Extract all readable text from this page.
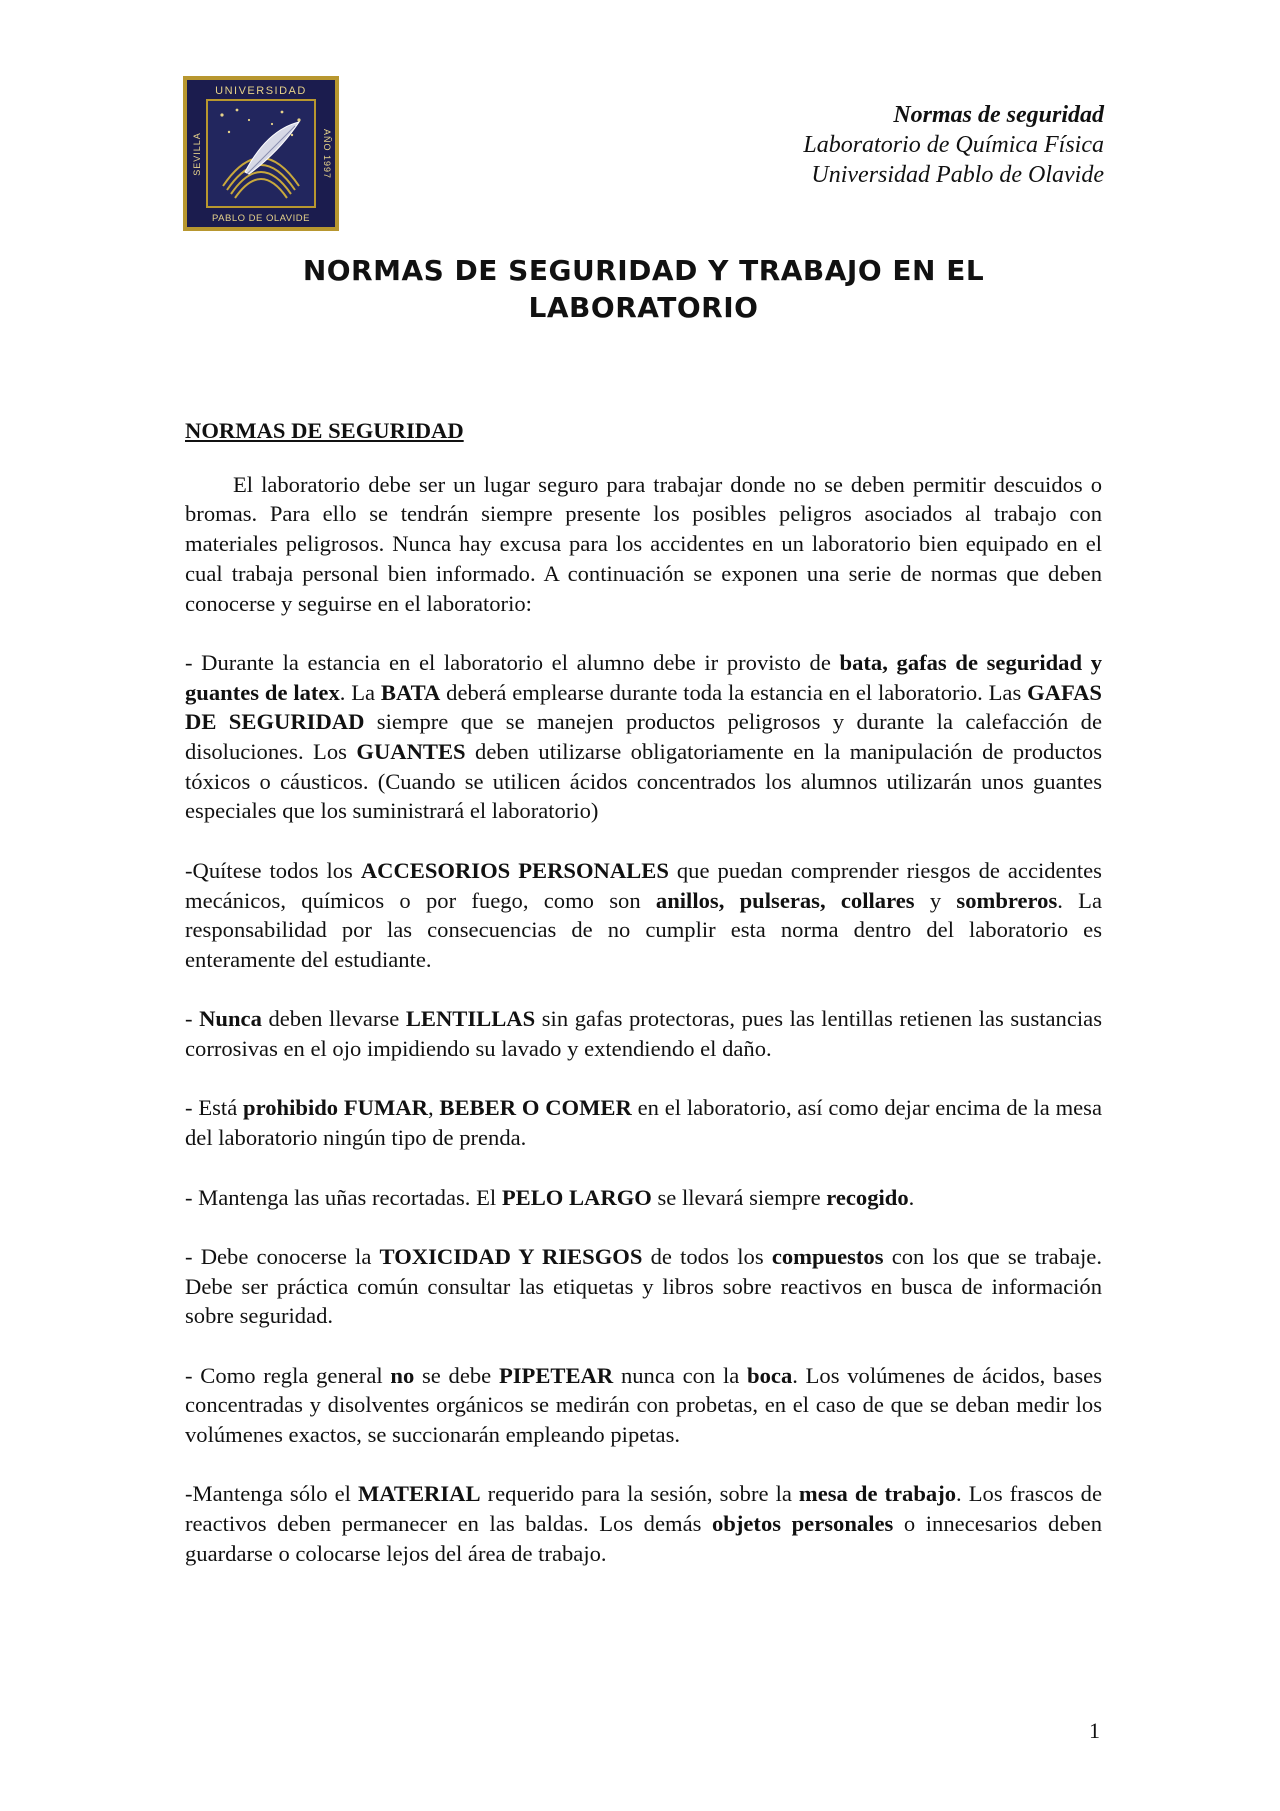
UNIVERSIDAD
PABLO DE OLAVIDE
SEVILLA	AÑO 1997
Normas de seguridad
Laboratorio de Química Física
Universidad Pablo de Olavide
NORMAS DE SEGURIDAD Y TRABAJO EN EL
LABORATORIO
NORMAS DE SEGURIDAD

El laboratorio debe ser un lugar seguro para trabajar donde no se deben permitir descuidos o bromas. Para ello se tendrán siempre presente los posibles peligros asociados al trabajo con materiales peligrosos. Nunca hay excusa para los accidentes en un laboratorio bien equipado en el cual trabaja personal bien informado. A continuación se exponen una serie de normas que deben conocerse y seguirse en el laboratorio:

- Durante la estancia en el laboratorio el alumno debe ir provisto de bata, gafas de seguridad y guantes de latex. La BATA deberá emplearse durante toda la estancia en el laboratorio. Las GAFAS DE SEGURIDAD siempre que se manejen productos peligrosos y durante la calefacción de disoluciones. Los GUANTES deben utilizarse obligatoriamente en la manipulación de productos tóxicos o cáusticos. (Cuando se utilicen ácidos concentrados los alumnos utilizarán unos guantes especiales que los suministrará el laboratorio)

-Quítese todos los ACCESORIOS PERSONALES que puedan comprender riesgos de accidentes mecánicos, químicos o por fuego, como son anillos, pulseras, collares y sombreros. La responsabilidad por las consecuencias de no cumplir esta norma dentro del laboratorio es enteramente del estudiante.

- Nunca deben llevarse LENTILLAS sin gafas protectoras, pues las lentillas retienen las sustancias corrosivas en el ojo impidiendo su lavado y extendiendo el daño.

- Está prohibido FUMAR, BEBER O COMER en el laboratorio, así como dejar encima de la mesa del laboratorio ningún tipo de prenda.

- Mantenga las uñas recortadas. El PELO LARGO se llevará siempre recogido.

- Debe conocerse la TOXICIDAD Y RIESGOS de todos los compuestos con los que se trabaje. Debe ser práctica común consultar las etiquetas y libros sobre reactivos en busca de información sobre seguridad.

- Como regla general no se debe PIPETEAR nunca con la boca. Los volúmenes de ácidos, bases concentradas y disolventes orgánicos se medirán con probetas, en el caso de que se deban medir los volúmenes exactos, se succionarán empleando pipetas.

-Mantenga sólo el MATERIAL requerido para la sesión, sobre la mesa de trabajo. Los frascos de reactivos deben permanecer en las baldas. Los demás objetos personales o innecesarios deben guardarse o colocarse lejos del área de trabajo.

1
